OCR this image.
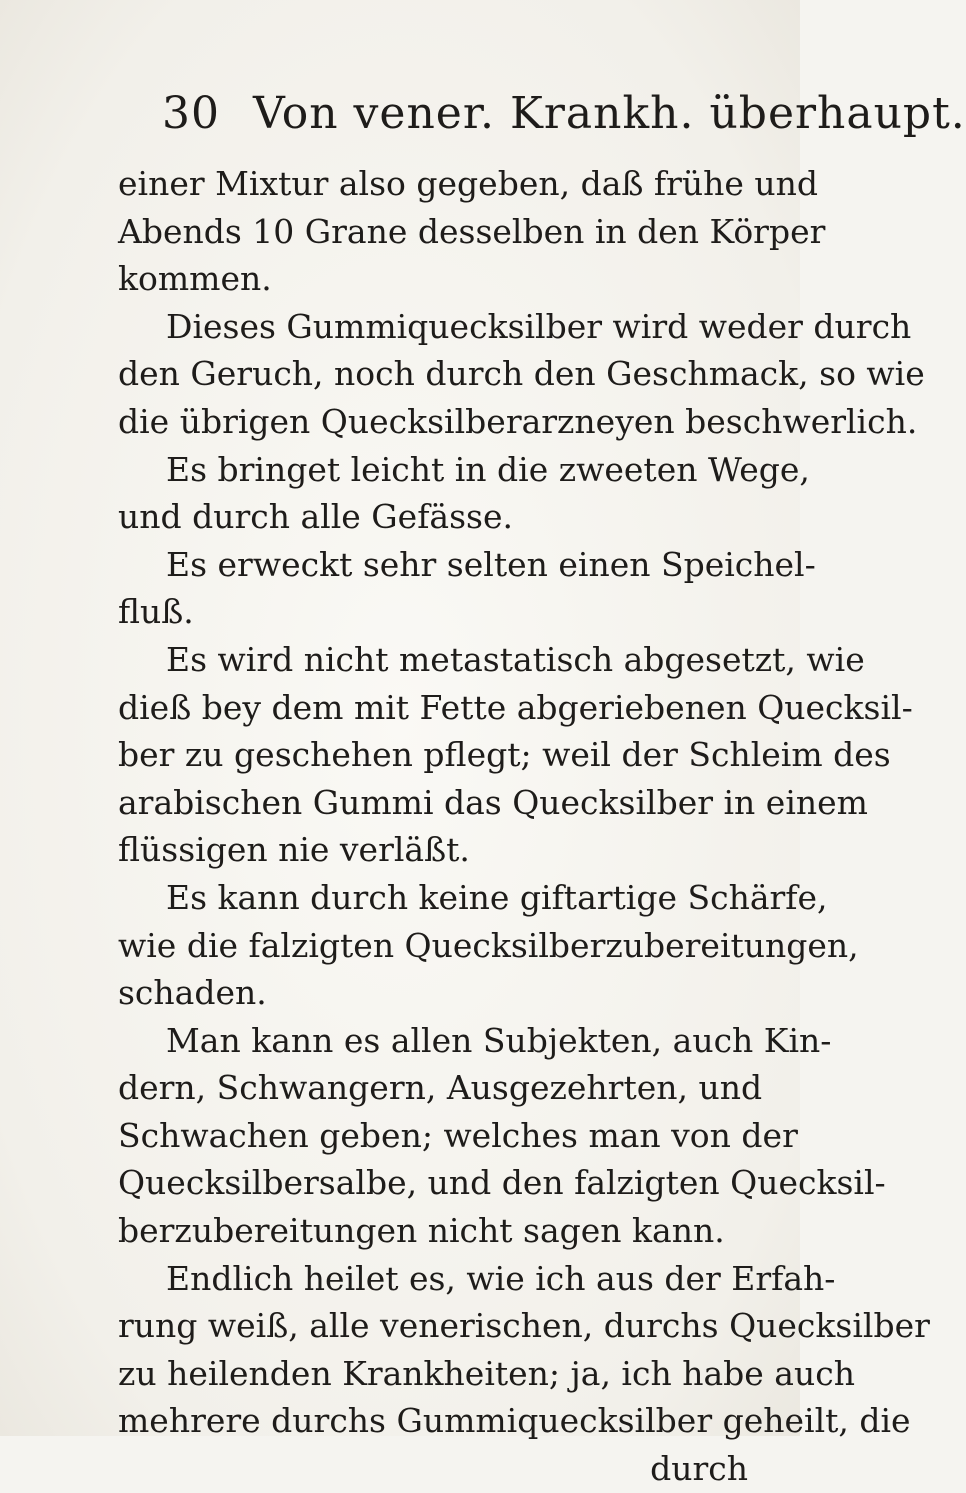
30 Von vener. Krankh. überhaupt.
einer Mixtur also gegeben, daß frühe und
Abends 10 Grane desselben in den Körper
kommen.
Dieses Gummiquecksilber wird weder durch
den Geruch, noch durch den Geschmack, so wie
die übrigen Quecksilberarzneyen beschwerlich.
Es bringet leicht in die zweeten Wege,
und durch alle Gefässe.
Es erweckt sehr selten einen Speichel-
fluß.
Es wird nicht metastatisch abgesetzt, wie
dieß bey dem mit Fette abgeriebenen Quecksil-
ber zu geschehen pflegt; weil der Schleim des
arabischen Gummi das Quecksilber in einem
flüssigen nie verläßt.
Es kann durch keine giftartige Schärfe,
wie die falzigten Quecksilberzubereitungen,
schaden.
Man kann es allen Subjekten, auch Kin-
dern, Schwangern, Ausgezehrten, und
Schwachen geben; welches man von der
Quecksilbersalbe, und den falzigten Quecksil-
berzubereitungen nicht sagen kann.
Endlich heilet es, wie ich aus der Erfah-
rung weiß, alle venerischen, durchs Quecksilber
zu heilenden Krankheiten; ja, ich habe auch
mehrere durchs Gummiquecksilber geheilt, die
durch
